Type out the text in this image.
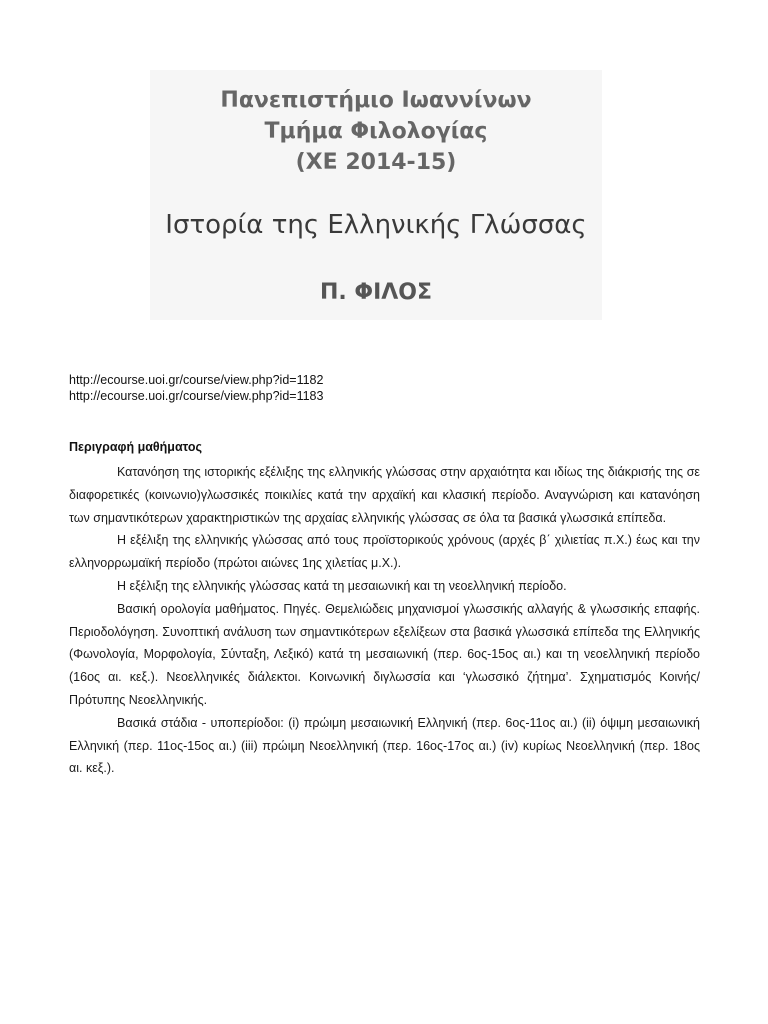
Πανεπιστήμιο Ιωαννίνων
Τμήμα Φιλολογίας
(ΧΕ 2014-15)
Ιστορία της Ελληνικής Γλώσσας
Π. ΦΙΛΟΣ
http://ecourse.uoi.gr/course/view.php?id=1182
http://ecourse.uoi.gr/course/view.php?id=1183
Περιγραφή μαθήματος

Κατανόηση της ιστορικής εξέλιξης της ελληνικής γλώσσας στην αρχαιότητα και ιδίως της διάκρισής της σε διαφορετικές (κοινωνιο)γλωσσικές ποικιλίες κατά την αρχαϊκή και κλασική περίοδο. Αναγνώριση και κατανόηση των σημαντικότερων χαρακτηριστικών της αρχαίας ελληνικής γλώσσας σε όλα τα βασικά γλωσσικά επίπεδα.

Η εξέλιξη της ελληνικής γλώσσας από τους προϊστορικούς χρόνους (αρχές β΄ χιλιετίας π.Χ.) έως και την ελληνορρωμαϊκή περίοδο (πρώτοι αιώνες 1ης χιλετίας μ.Χ.).

Η εξέλιξη της ελληνικής γλώσσας κατά τη μεσαιωνική και τη νεοελληνική περίοδο.

Βασική ορολογία μαθήματος. Πηγές. Θεμελιώδεις μηχανισμοί γλωσσικής αλλαγής & γλωσσικής επαφής. Περιοδολόγηση. Συνοπτική ανάλυση των σημαντικότερων εξελίξεων στα βασικά γλωσσικά επίπεδα της Ελληνικής (Φωνολογία, Μορφολογία, Σύνταξη, Λεξικό) κατά τη μεσαιωνική (περ. 6ος-15ος αι.) και τη νεοελληνική περίοδο (16ος αι. κεξ.). Νεοελληνικές διάλεκτοι. Κοινωνική διγλωσσία και ‘γλωσσικό ζήτημα’. Σχηματισμός Κοινής/Πρότυπης Νεοελληνικής.

Βασικά στάδια - υποπερίοδοι: (i) πρώιμη μεσαιωνική Ελληνική (περ. 6ος-11ος αι.) (ii) όψιμη μεσαιωνική Ελληνική (περ. 11ος-15ος αι.) (iii) πρώιμη Νεοελληνική (περ. 16ος-17ος αι.) (iv) κυρίως Νεοελληνική (περ. 18ος αι. κεξ.).
